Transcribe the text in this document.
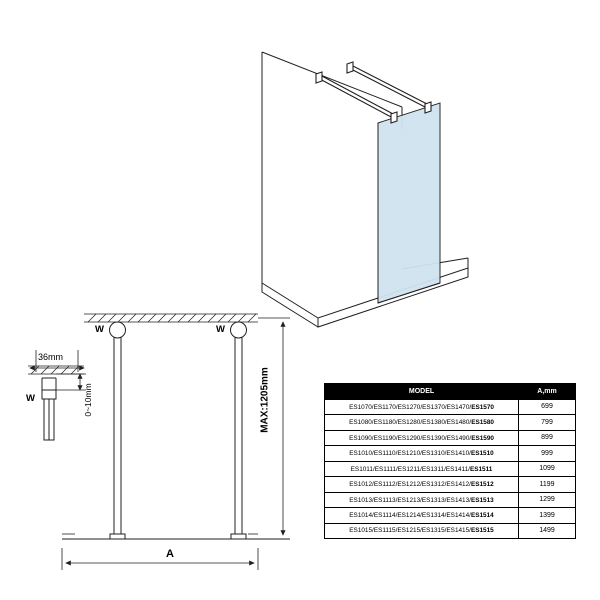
W	W
W
36mm
0~10mm	MAX:1205mm
A
MODEL	A,mm
ES1070/ES1170/ES1270/ES1370/ES1470/ES1570	699
ES1080/ES1180/ES1280/ES1380/ES1480/ES1580	799
ES1090/ES1190/ES1290/ES1390/ES1490/ES1590	899
ES1010/ES1110/ES1210/ES1310/ES1410/ES1510	999
ES1011/ES1111/ES1211/ES1311/ES1411/ES1511	1099
ES1012/ES1112/ES1212/ES1312/ES1412/ES1512	1199
ES1013/ES1113/ES1213/ES1313/ES1413/ES1513	1299
ES1014/ES1114/ES1214/ES1314/ES1414/ES1514	1399
ES1015/ES1115/ES1215/ES1315/ES1415/ES1515	1499
